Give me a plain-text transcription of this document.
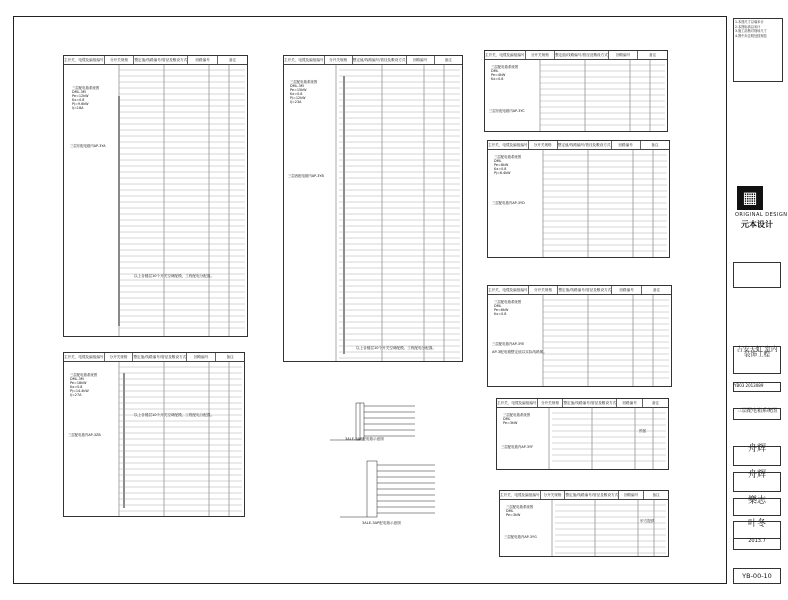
主开关、电缆及编组编号	分开关规格	整定值/线路编号/管径及敷设方式	回路编号	备注
三层配电箱系统图
DML-3M
Pe=12kW
Kx=0.8
Pj=9.6kW
Ij=18A
三层东配电箱内AP-3YA
以上各楼层10个开关空调配模，工程配电分配置。
主开关、电缆及编组编号	分开关规格	整定值/线路编号/管径及敷设方式	回路编号	备注
三层配电箱系统图
DML-3M
Pe=15kW
Kx=0.8
Pj=12kW
Ij=23A
三层西配电箱内AP-3YB
以上各楼层10个开关空调配模，工程配电分配置。
主开关、电缆及编组编号	分开关规格	整定值/线路编号/管径及敷设方式	回路编号	备注
三层配电箱系统图
DML-3M
Pe=18kW
Kx=0.8
Pj=14.4kW
Ij=27A
三层配电箱内AP-3ZB
以上各楼层10个开关空调配模，工程配电分配置。
主开关、电缆及编组编号	分开关规格	整定值/线路编号/管径及敷设方式	回路编号	备注
三层配电箱系统图
DML
Pe=4kW
Kx=0.8
三层东配电箱内AP-3YC
主开关、电缆及编组编号	分开关规格	整定值/线路编号/管径及敷设方式	回路编号	备注
三层配电箱系统图
DML
Pe=8kW
Kx=0.8
Pj=6.4kW
三层配电箱内AP-3YD
主开关、电缆及编组编号	分开关规格	整定值/线路编号/管径及敷设方式	回路编号	备注
三层配电箱系统图
DML
Pe=6kW
Kx=0.8
三层配电箱内AP-3YE
AP-3配电箱整定值以实际线路图。
主开关、电缆及编组编号	分开关规格	整定值/线路编号/管径及敷设方式	回路编号	备注
三层配电箱系统图
DML
Pe=3kW
三层配电箱内AP-3YF
预留
主开关、电缆及编组编号	分开关规格	整定值/线路编号/管径及敷设方式	回路编号	备注
三层配电箱系统图
DML
Pe=3kW
三层配电箱内AP-3YG
甲方提供
3ALE-3AP配电箱示意图
3ALE-3AP配电箱示意图
1.本图尺寸以毫米计
2.本图标高以米计
3.施工前核对现场尺寸
4.图中未注明处按规范
吉安天虹 室内装饰工程
YB03 2013089
三层配电箱系统图
舟辉
舟辉
樂志
叶冬
2013.7
YB-00-10
▦
ORIGINAL DESIGN
元本设计
